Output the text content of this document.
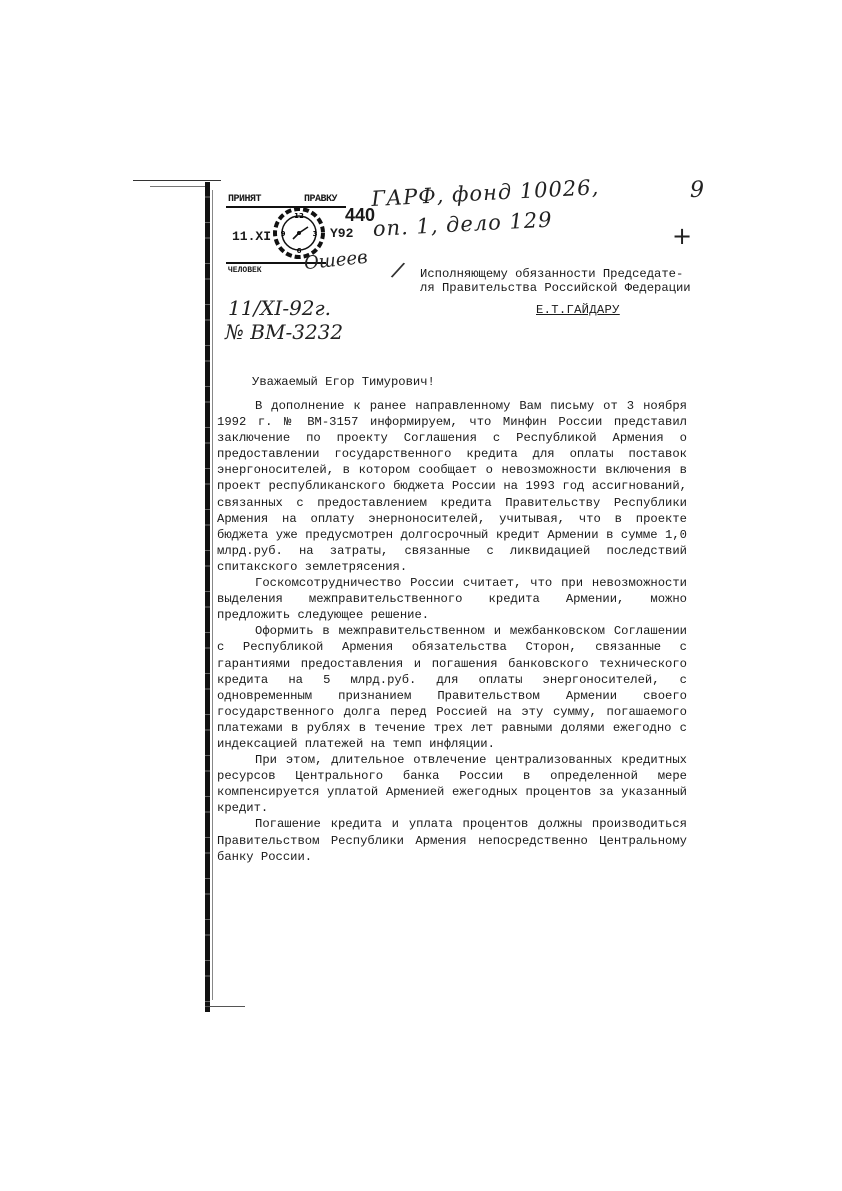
ПРИНЯТ	ПРАВКУ
12
3
6
9
11.XI	Y92
ЧЕЛОВЕК
440
ГАРФ, фонд 10026,
оп. 1, дело 129
9
+
Ошеев /
11/XI-92г.
№ ВМ-3232
Исполняющему обязанности Председате-
ля Правительства Российской Федерации
Е.Т.ГАЙДАРУ
Уважаемый Егор Тимурович!

В дополнение к ранее направленному Вам письму от 3 ноября 1992 г. № ВМ-3157 информируем, что Минфин России представил заключение по проекту Соглашения с Республикой Армения о предоставлении государственного кредита для оплаты поставок энергоносителей, в котором сообщает о невозможности включения в проект республиканского бюджета России на 1993 год ассигнований, связанных с предоставлением кредита Правительству Республики Армения на оплату энерноносителей, учитывая, что в проекте бюджета уже предусмотрен долгосрочный кредит Армении в сумме 1,0 млрд.руб. на затраты, связанные с ликвидацией последствий спитакского землетрясения.

Госкомсотрудничество России считает, что при невозможности выделения межправительственного кредита Армении, можно предложить следующее решение.

Оформить в межправительственном и межбанковском Соглашении с Республикой Армения обязательства Сторон, связанные с гарантиями предоставления и погашения банковского технического кредита на 5 млрд.руб. для оплаты энергоносителей, с одновременным признанием Правительством Армении своего государственного долга перед Россией на эту сумму, погашаемого платежами в рублях в течение трех лет равными долями ежегодно с индексацией платежей на темп инфляции.

При этом, длительное отвлечение централизованных кредитных ресурсов Центрального банка России в определенной мере компенсируется уплатой Арменией ежегодных процентов за указанный кредит.

Погашение кредита и уплата процентов должны производиться Правительством Республики Армения непосредственно Центральному банку России.
